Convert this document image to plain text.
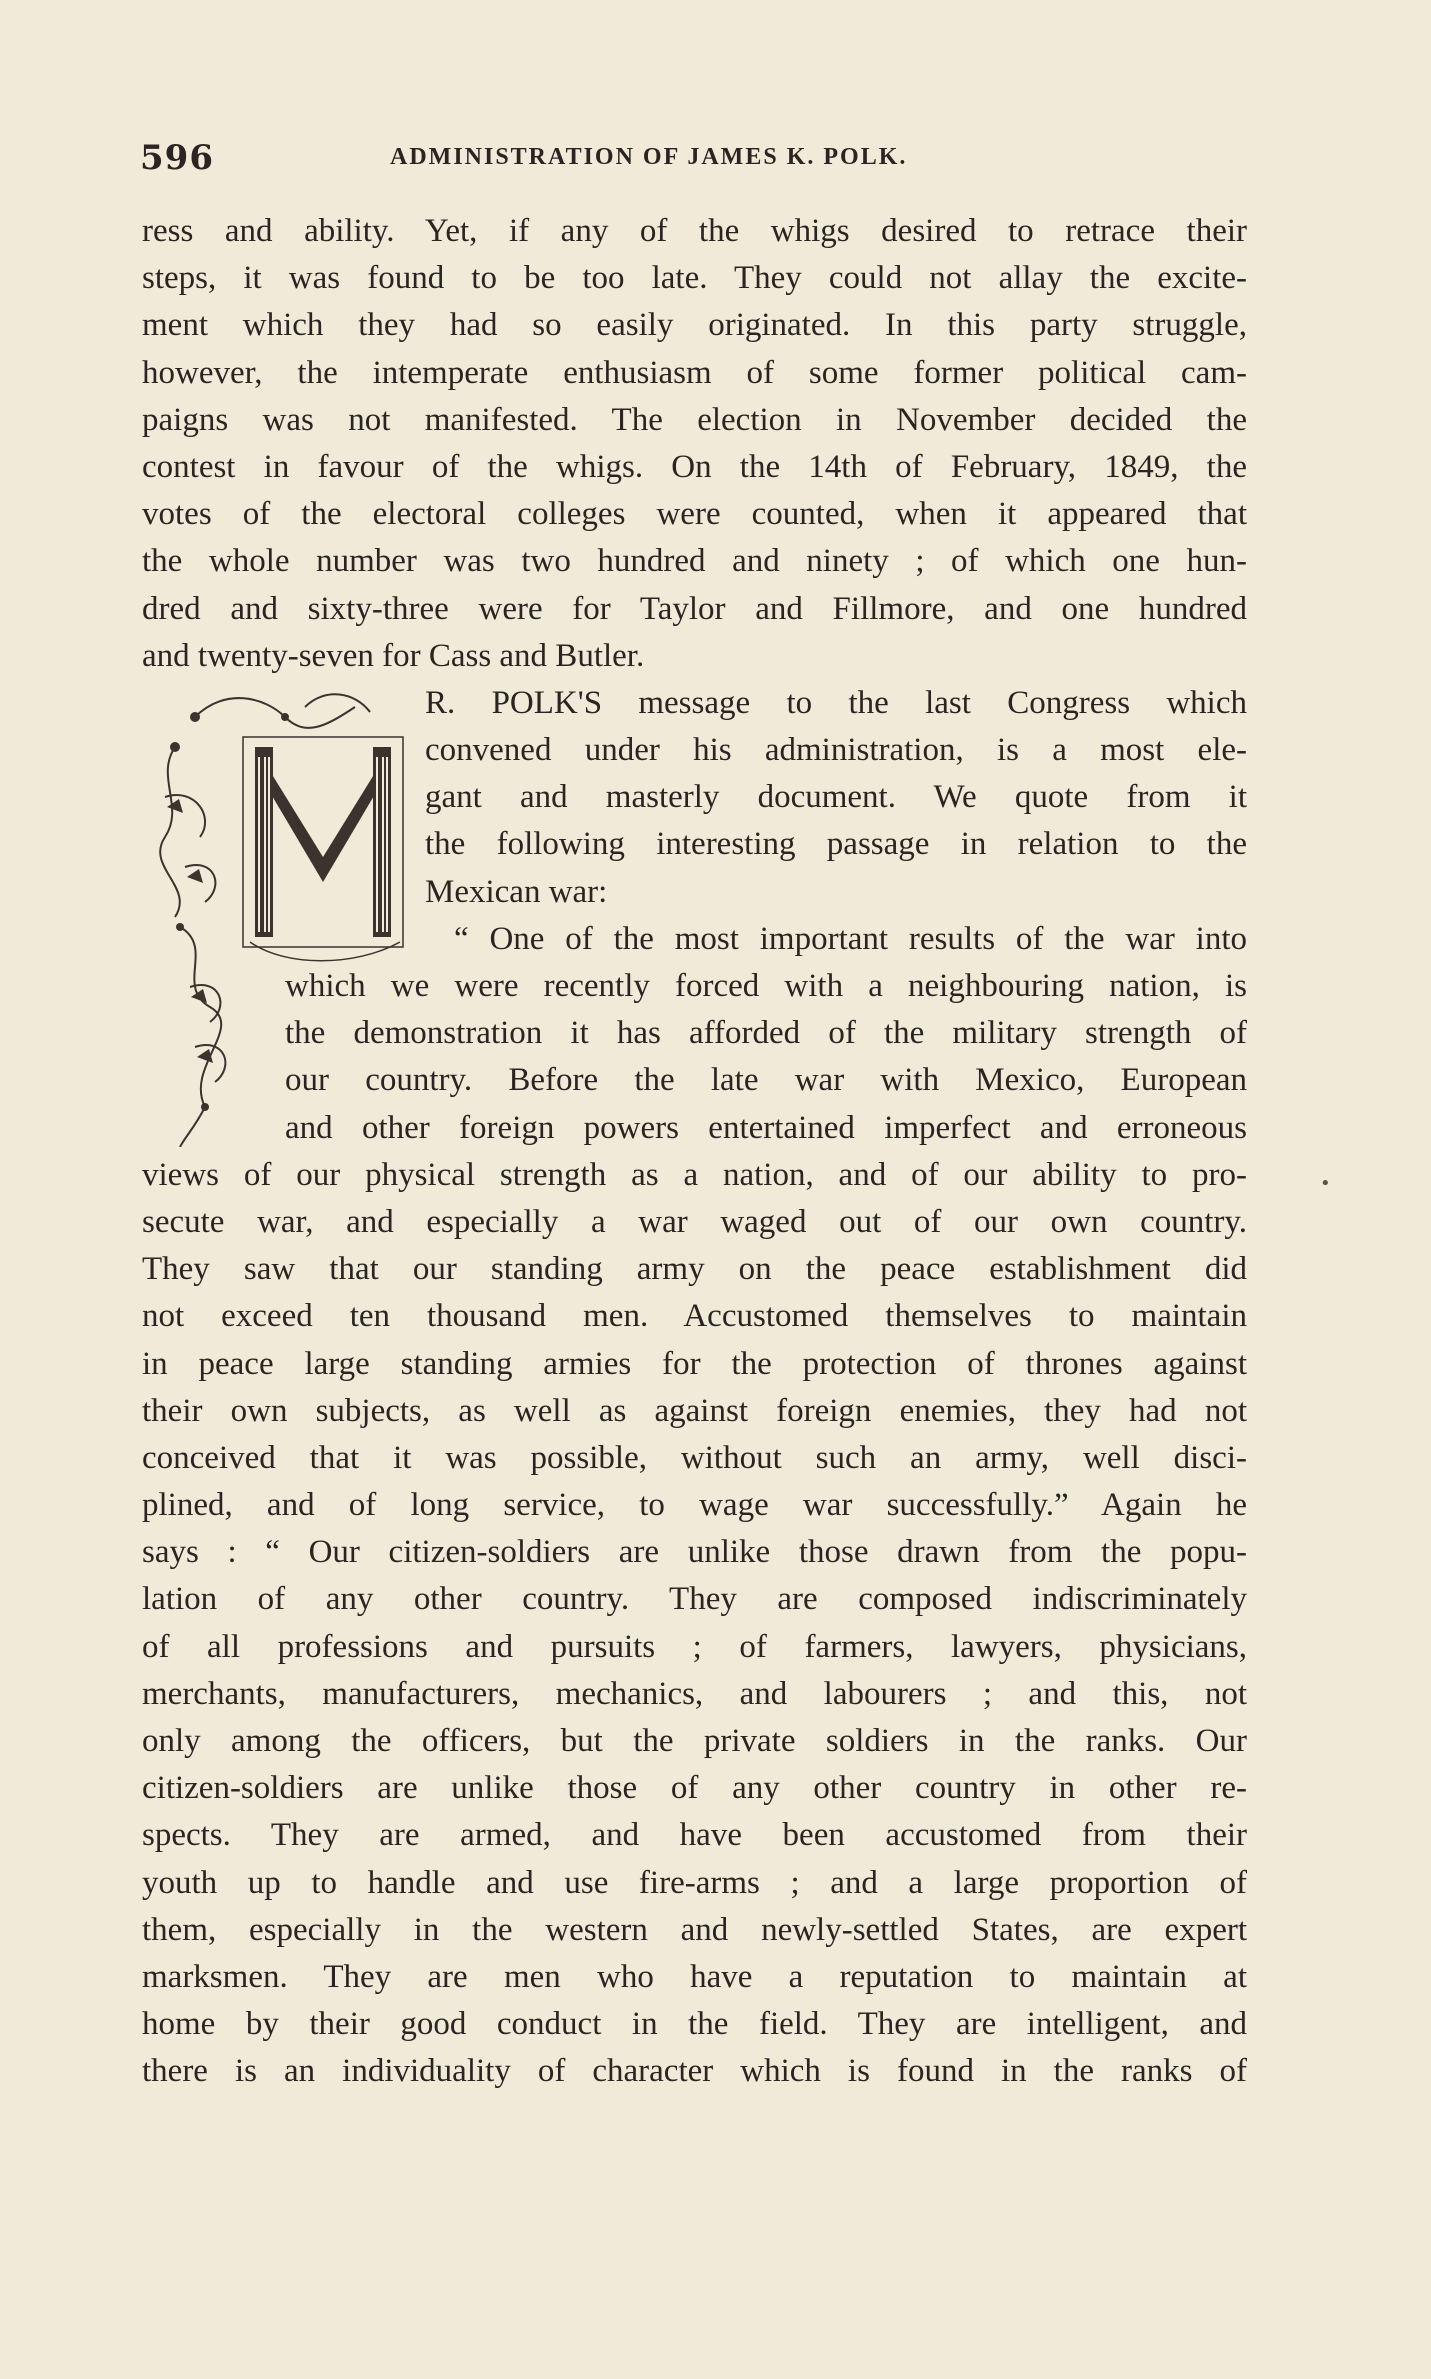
596	ADMINISTRATION OF JAMES K. POLK.
•
ress and ability. Yet, if any of the whigs desired to retrace their
steps, it was found to be too late. They could not allay the excite-
ment which they had so easily originated. In this party struggle,
however, the intemperate enthusiasm of some former political cam-
paigns was not manifested. The election in November decided the
contest in favour of the whigs. On the 14th of February, 1849, the
votes of the electoral colleges were counted, when it appeared that
the whole number was two hundred and ninety ; of which one hun-
dred and sixty-three were for Taylor and Fillmore, and one hundred
and twenty-seven for Cass and Butler.
R. POLK'S message to the last Congress which
convened under his administration, is a most ele-
gant and masterly document. We quote from it
the following interesting passage in relation to the
Mexican war:
“ One of the most important results of the war into
which we were recently forced with a neighbouring nation, is
the demonstration it has afforded of the military strength of
our country. Before the late war with Mexico, European
and other foreign powers entertained imperfect and erroneous
views of our physical strength as a nation, and of our ability to pro-
secute war, and especially a war waged out of our own country.
They saw that our standing army on the peace establishment did
not exceed ten thousand men. Accustomed themselves to maintain
in peace large standing armies for the protection of thrones against
their own subjects, as well as against foreign enemies, they had not
conceived that it was possible, without such an army, well disci-
plined, and of long service, to wage war successfully.” Again he
says : “ Our citizen-soldiers are unlike those drawn from the popu-
lation of any other country. They are composed indiscriminately
of all professions and pursuits ; of farmers, lawyers, physicians,
merchants, manufacturers, mechanics, and labourers ; and this, not
only among the officers, but the private soldiers in the ranks. Our
citizen-soldiers are unlike those of any other country in other re-
spects. They are armed, and have been accustomed from their
youth up to handle and use fire-arms ; and a large proportion of
them, especially in the western and newly-settled States, are expert
marksmen. They are men who have a reputation to maintain at
home by their good conduct in the field. They are intelligent, and
there is an individuality of character which is found in the ranks of
